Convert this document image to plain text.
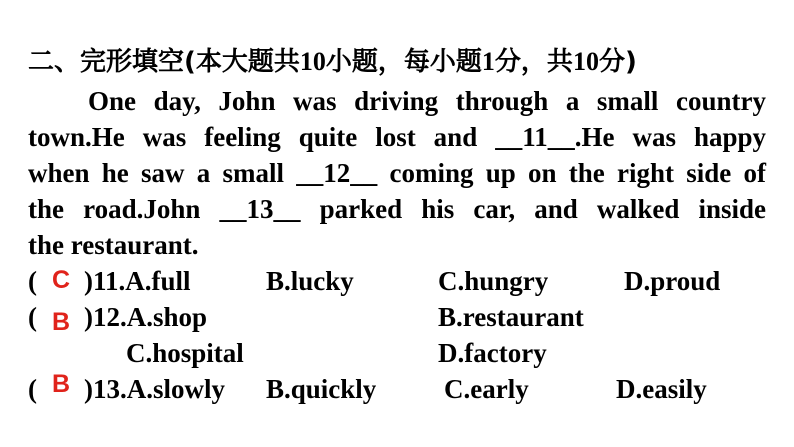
二、完形填空(本大题共10小题，每小题1分，共10分)
One day, John was driving through a small country
town.He was feeling quite lost and __11__.He was happy
when he saw a small __12__ coming up on the right side of
the road.John __13__ parked his car, and walked inside
the restaurant.
( C )11.A.full	B.lucky	C.hungry	D.proud
( B )12.A.shop	B.restaurant
C.hospital	D.factory
( B )13.A.slowly B.quickly	C.early	D.easily
